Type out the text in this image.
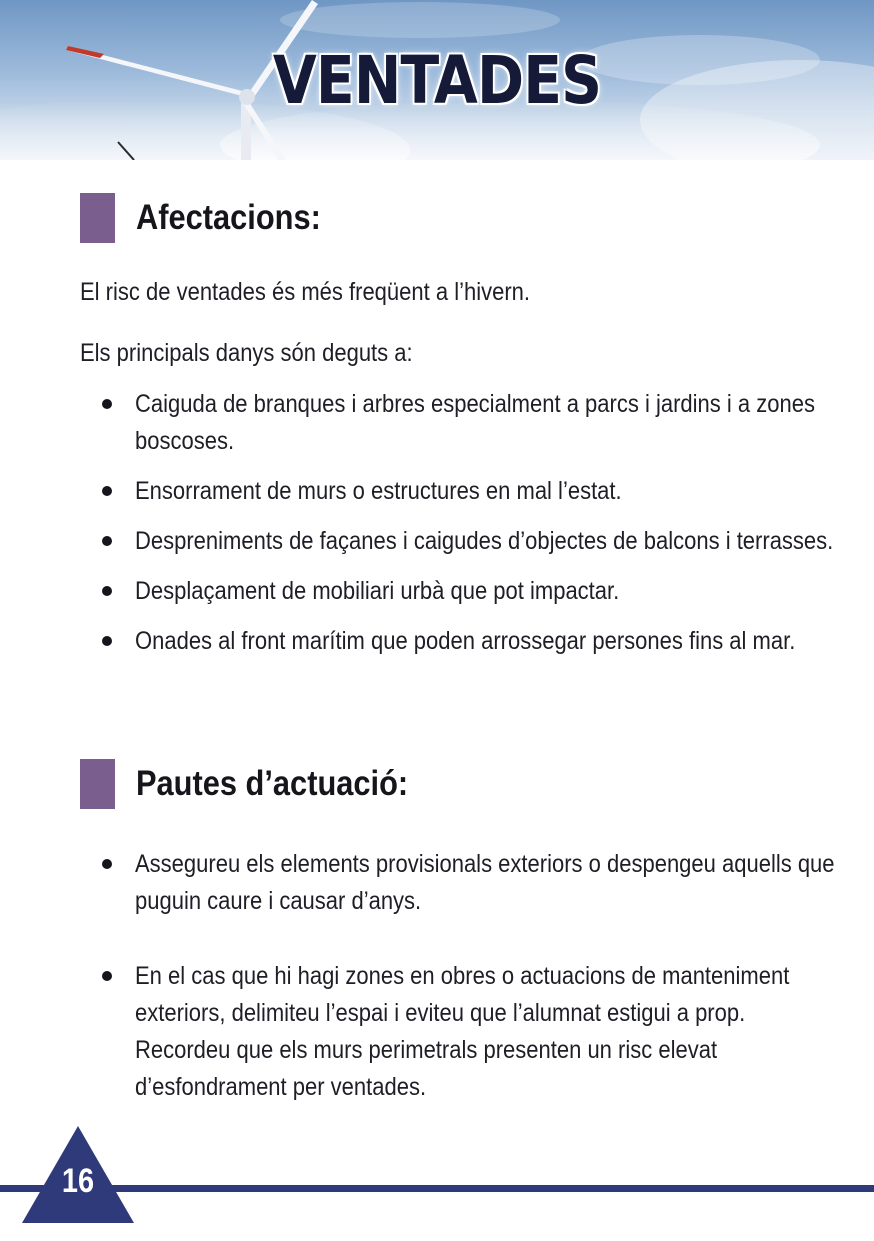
VENTADES
Afectacions:
El risc de ventades és més freqüent a l’hivern.
Els principals danys són deguts a:
Caiguda de branques i arbres especialment a parcs i jardins i a zones boscoses.
Ensorrament de murs o estructures en mal l’estat.
Despreniments de façanes i caigudes d’objectes de balcons i terrasses.
Desplaçament de mobiliari urbà que pot impactar.
Onades al front marítim que poden arrossegar persones fins al mar.
Pautes d’actuació:
Assegureu els elements provisionals exteriors o despengeu aquells que puguin caure i causar d’anys.
En el cas que hi hagi zones en obres o actuacions de manteniment exteriors, delimiteu l’espai i eviteu que l’alumnat estigui a prop. Recordeu que els murs perimetrals presenten un risc elevat d’esfondrament per ventades.
16
